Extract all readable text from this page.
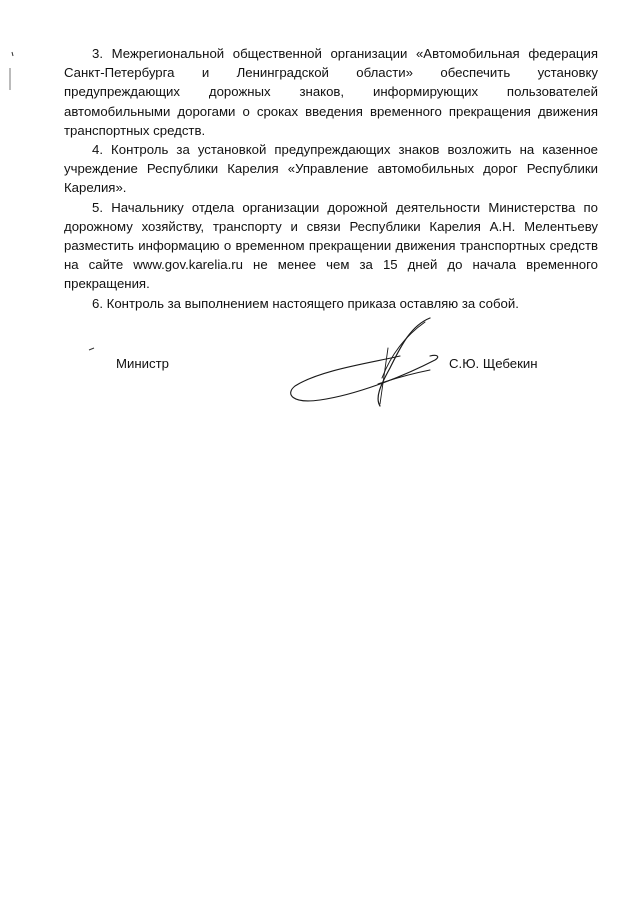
3. Межрегиональной общественной организации «Автомобильная федерация Санкт-Петербурга и Ленинградской области» обеспечить установку предупреждающих дорожных знаков, информирующих пользователей автомобильными дорогами о сроках введения временного прекращения движения транспортных средств.

4. Контроль за установкой предупреждающих знаков возложить на казенное учреждение Республики Карелия «Управление автомобильных дорог Республики Карелия».

5. Начальнику отдела организации дорожной деятельности Министерства по дорожному хозяйству, транспорту и связи Республики Карелия А.Н. Мелентьеву разместить информацию о временном прекращении движения транспортных средств на сайте www.gov.karelia.ru не менее чем за 15 дней до начала временного прекращения.

6. Контроль за выполнением настоящего приказа оставляю за собой.

Министр	С.Ю. Щебекин
